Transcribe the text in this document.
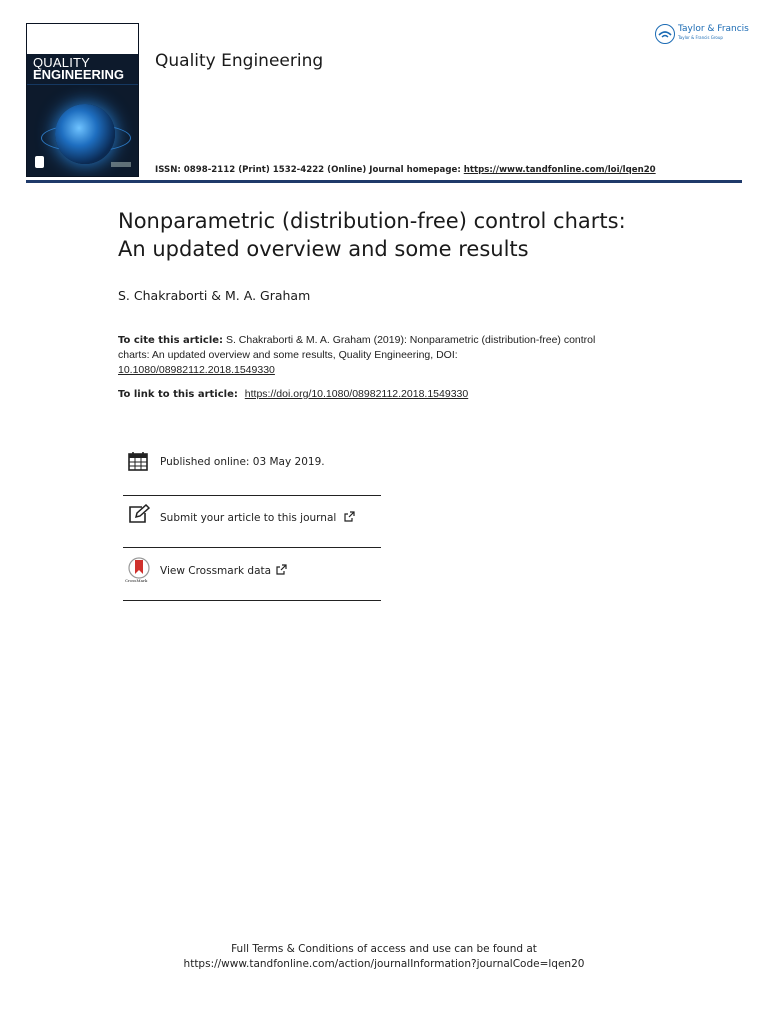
QUALITY
ENGINEERING
Quality Engineering
ISSN: 0898-2112 (Print) 1532-4222 (Online) Journal homepage: https://www.tandfonline.com/loi/lqen20
Taylor & Francis
Taylor & Francis Group
Nonparametric (distribution-free) control charts:
An updated overview and some results
S. Chakraborti & M. A. Graham
To cite this article: S. Chakraborti & M. A. Graham (2019): Nonparametric (distribution-free) control charts: An updated overview and some results, Quality Engineering, DOI:
10.1080/08982112.2018.1549330
To link to this article: https://doi.org/10.1080/08982112.2018.1549330
Published online: 03 May 2019.
Submit your article to this journal
CrossMark
View Crossmark data
Full Terms & Conditions of access and use can be found at
https://www.tandfonline.com/action/journalInformation?journalCode=lqen20
